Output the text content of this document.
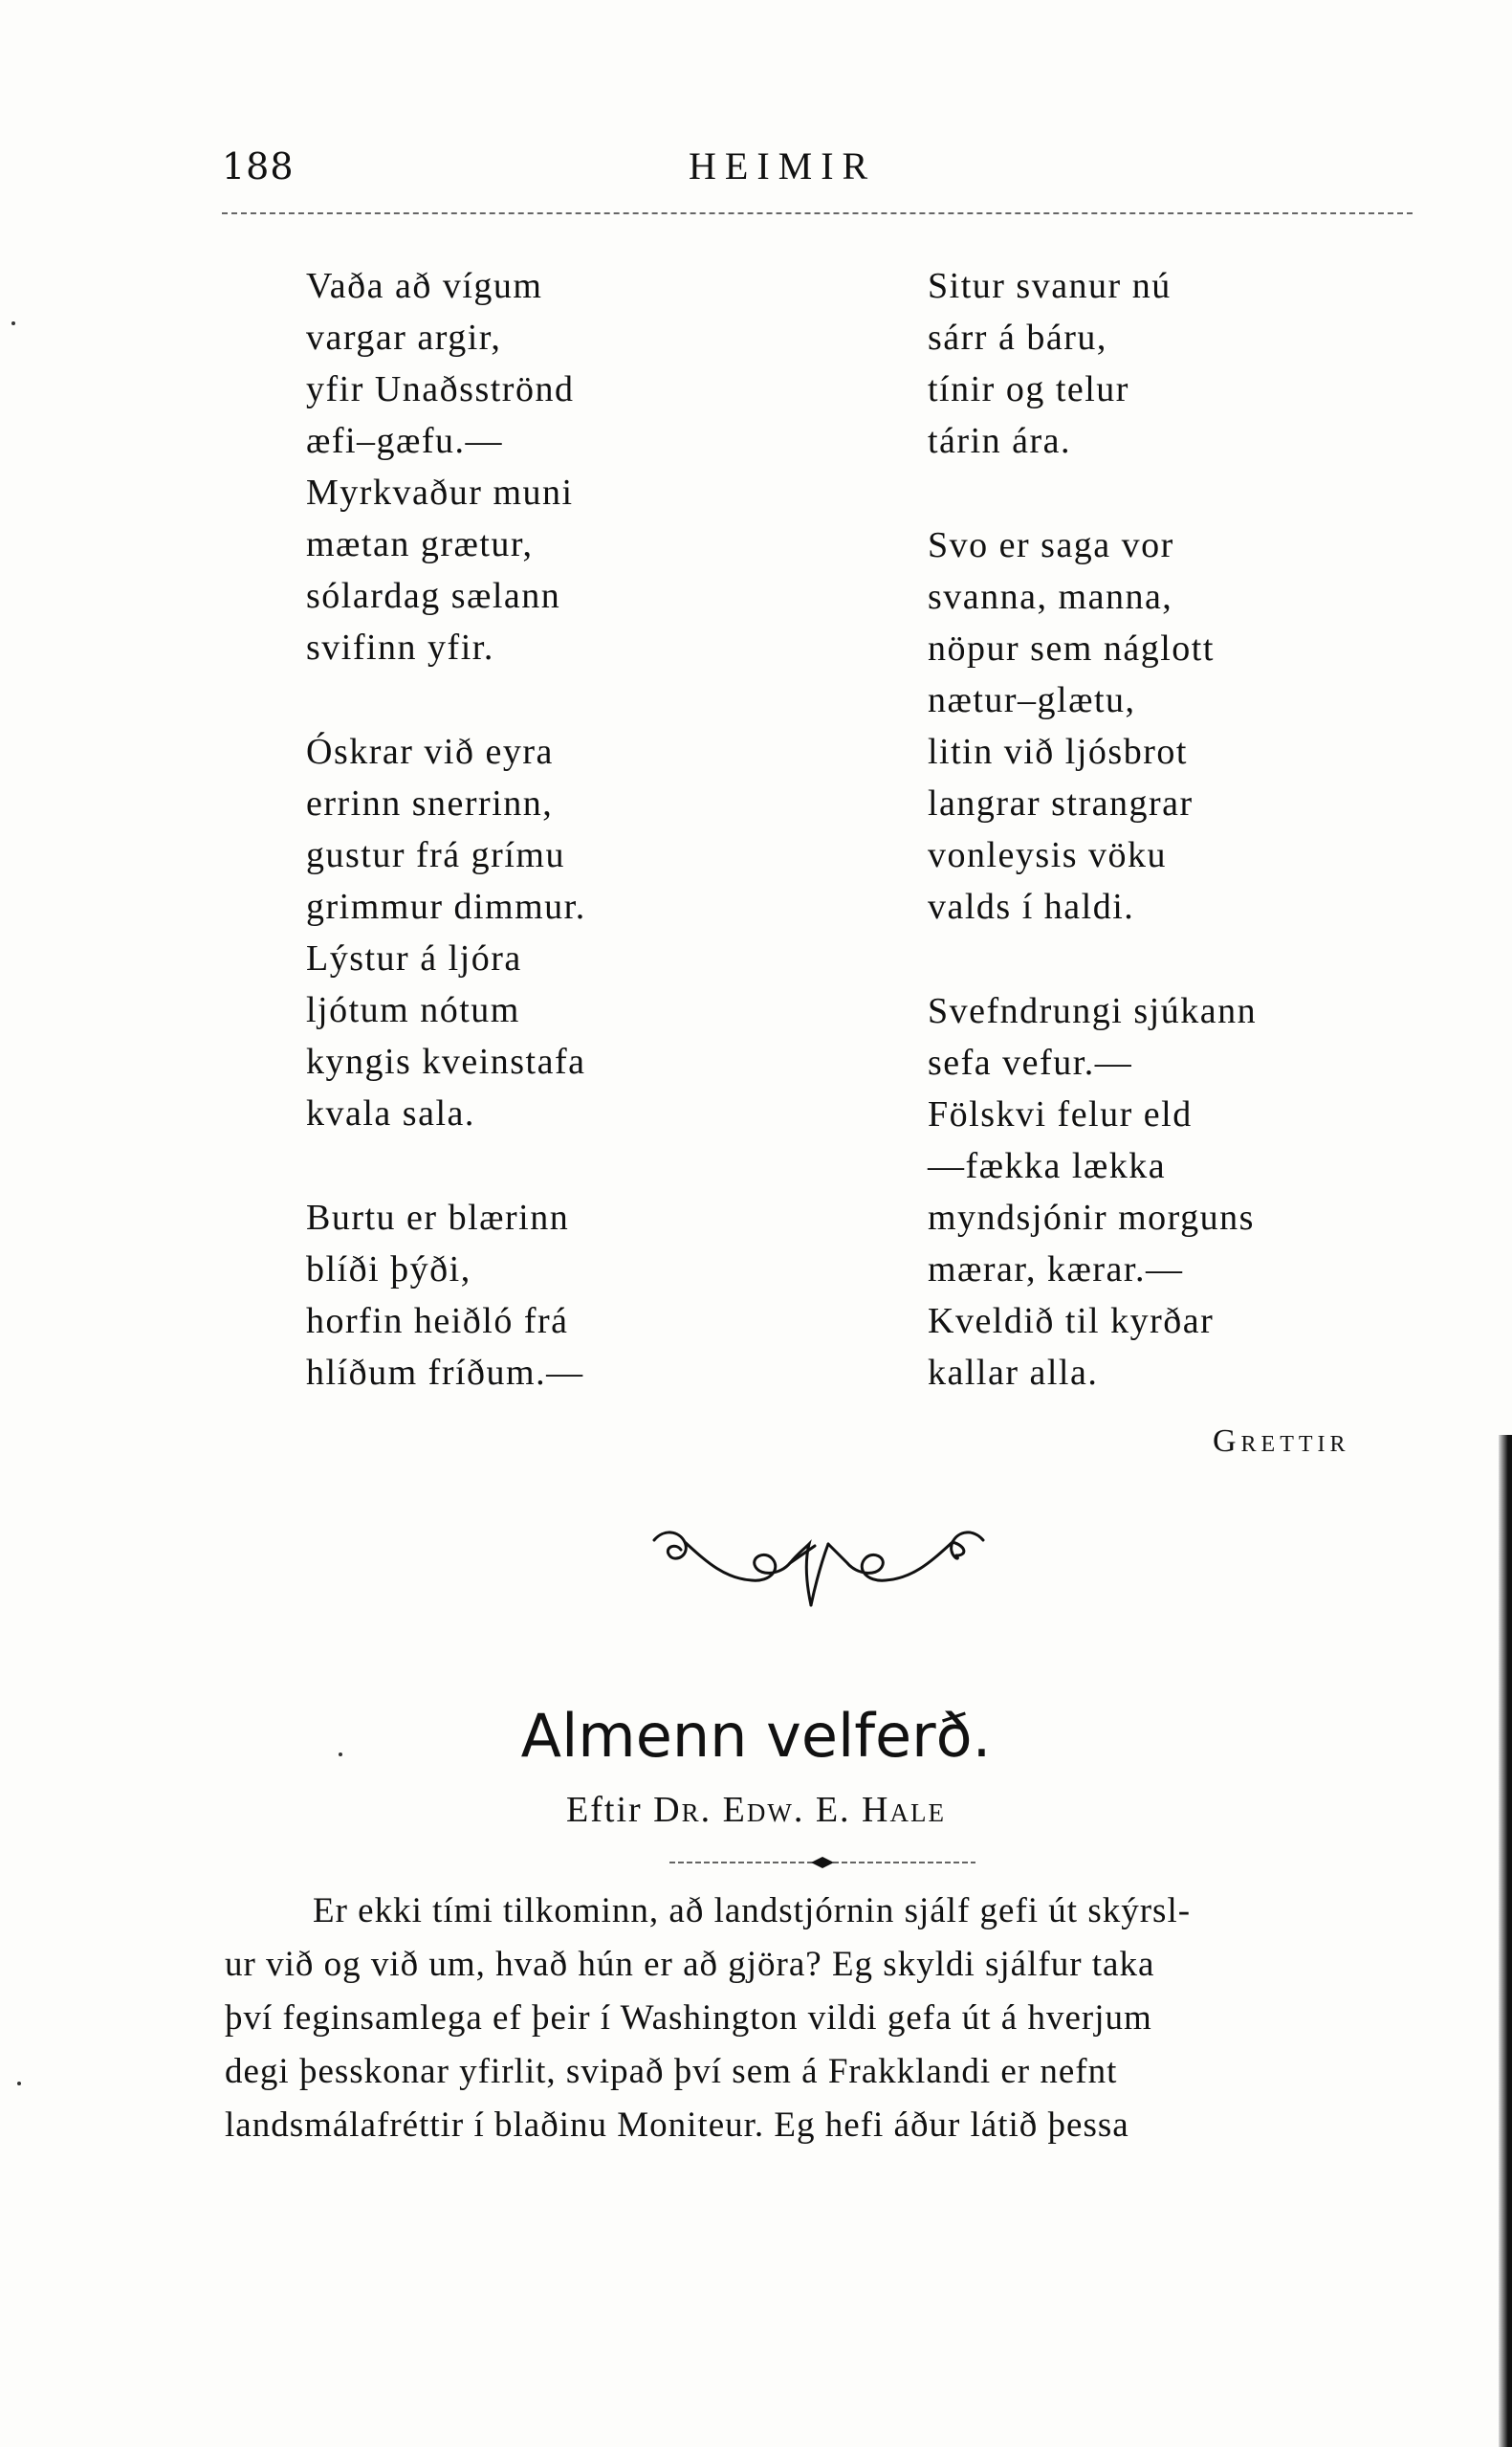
188	HEIMIR
Vaða að vígum
vargar argir,
yfir Unaðsströnd
æfi–gæfu.—
Myrkvaður muni
mætan grætur,
sólardag sælann
svifinn yfir.
Óskrar við eyra
errinn snerrinn,
gustur frá grímu
grimmur dimmur.
Lýstur á ljóra
ljótum nótum
kyngis kveinstafa
kvala sala.
Burtu er blærinn
blíði þýði,
horfin heiðló frá
hlíðum fríðum.—
Situr svanur nú
sárr á báru,
tínir og telur
tárin ára.
Svo er saga vor
svanna, manna,
nöpur sem náglott
nætur–glætu,
litin við ljósbrot
langrar strangrar
vonleysis vöku
valds í haldi.
Svefndrungi sjúkann
sefa vefur.—
Fölskvi felur eld
—fækka lækka
myndsjónir morguns
mærar, kærar.—
Kveldið til kyrðar
kallar alla.
Grettir
Almenn velferð.
Eftir Dr. Edw. E. Hale
Er ekki tími tilkominn, að landstjórnin sjálf gefi út skýrsl-
ur við og við um, hvað hún er að gjöra? Eg skyldi sjálfur taka
því feginsamlega ef þeir í Washington vildi gefa út á hverjum
degi þesskonar yfirlit, svipað því sem á Frakklandi er nefnt
landsmálafréttir í blaðinu Moniteur. Eg hefi áður látið þessa
